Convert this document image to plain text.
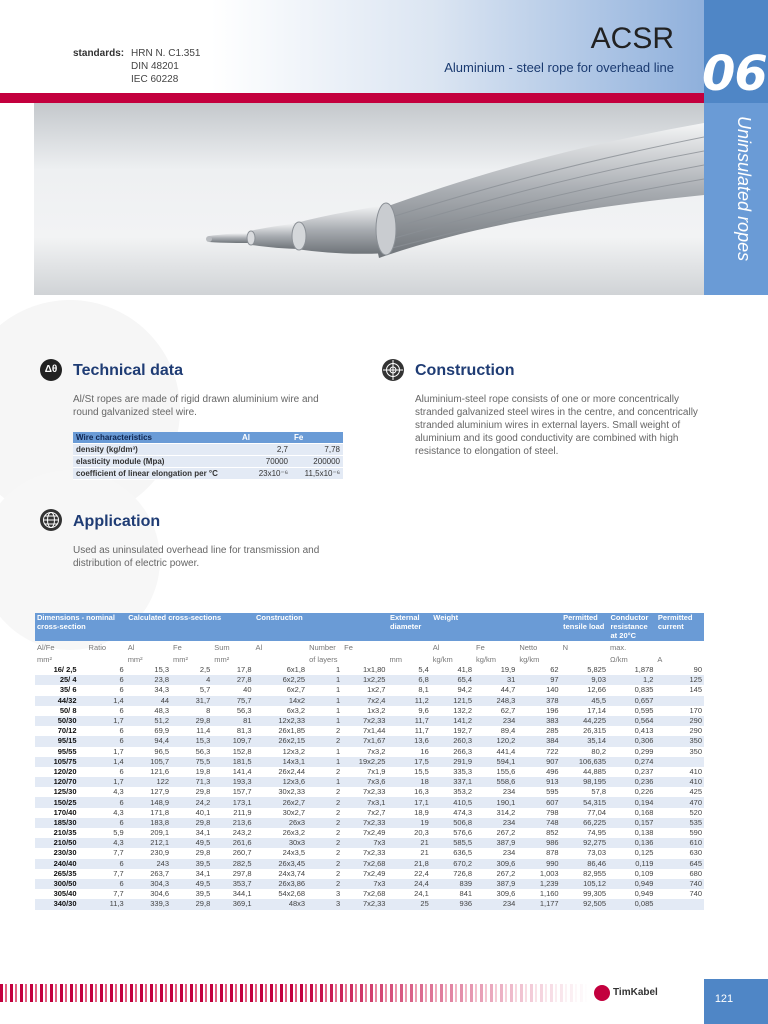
06
Uninsulated ropes
standards: HRN N. C1.351
DIN 48201
IEC 60228
ACSR
Aluminium - steel rope for overhead line
Δθ Technical data
Al/St ropes are made of rigid drawn aluminium wire and round galvanized steel wire.
Wire characteristics	Al	Fe
density (kg/dm³)	2,7	7,78
elasticity module (Mpa)	70000	200000
coefficient of linear elongation per °C	23x10⁻⁶	11,5x10⁻⁶
Construction
Aluminium-steel rope consists of one or more concentrically stranded galvanized steel wires in the centre, and concentrically stranded aluminium wires in external layers. Small weight of aluminium and its good conductivity are combined with high resistance to elongation of steel.
Application
Used as uninsulated overhead line for transmission and distribution of electric power.
Dimensions - nominal cross-section		Calculated cross-sections			Construction			External diameter	Weight			Permitted tensile load	Conductor resistance at 20°C	Permitted current
Al/Fe	Ratio	Al	Fe	Sum	Al	Number	Fe		Al	Fe	Netto	N	max.	
mm²		mm²	mm²	mm²		of layers		mm	kg/km	kg/km	kg/km		Ω/km	A
16/ 2,5	6	15,3	2,5	17,8	6x1,8	1	1x1,80	5,4	41,8	19,9	62	5,825	1,878	90
25/ 4	6	23,8	4	27,8	6x2,25	1	1x2,25	6,8	65,4	31	97	9,03	1,2	125
35/ 6	6	34,3	5,7	40	6x2,7	1	1x2,7	8,1	94,2	44,7	140	12,66	0,835	145
44/32	1,4	44	31,7	75,7	14x2	1	7x2,4	11,2	121,5	248,3	378	45,5	0,657	
50/ 8	6	48,3	8	56,3	6x3,2	1	1x3,2	9,6	132,2	62,7	196	17,14	0,595	170
50/30	1,7	51,2	29,8	81	12x2,33	1	7x2,33	11,7	141,2	234	383	44,225	0,564	290
70/12	6	69,9	11,4	81,3	26x1,85	2	7x1,44	11,7	192,7	89,4	285	26,315	0,413	290
95/15	6	94,4	15,3	109,7	26x2,15	2	7x1,67	13,6	260,3	120,2	384	35,14	0,306	350
95/55	1,7	96,5	56,3	152,8	12x3,2	1	7x3,2	16	266,3	441,4	722	80,2	0,299	350
105/75	1,4	105,7	75,5	181,5	14x3,1	1	19x2,25	17,5	291,9	594,1	907	106,635	0,274	
120/20	6	121,6	19,8	141,4	26x2,44	2	7x1,9	15,5	335,3	155,6	496	44,885	0,237	410
120/70	1,7	122	71,3	193,3	12x3,6	1	7x3,6	18	337,1	558,6	913	98,195	0,236	410
125/30	4,3	127,9	29,8	157,7	30x2,33	2	7x2,33	16,3	353,2	234	595	57,8	0,226	425
150/25	6	148,9	24,2	173,1	26x2,7	2	7x3,1	17,1	410,5	190,1	607	54,315	0,194	470
170/40	4,3	171,8	40,1	211,9	30x2,7	2	7x2,7	18,9	474,3	314,2	798	77,04	0,168	520
185/30	6	183,8	29,8	213,6	26x3	2	7x2,33	19	506,8	234	748	66,225	0,157	535
210/35	5,9	209,1	34,1	243,2	26x3,2	2	7x2,49	20,3	576,6	267,2	852	74,95	0,138	590
210/50	4,3	212,1	49,5	261,6	30x3	2	7x3	21	585,5	387,9	986	92,275	0,136	610
230/30	7,7	230,9	29,8	260,7	24x3,5	2	7x2,33	21	636,5	234	878	73,03	0,125	630
240/40	6	243	39,5	282,5	26x3,45	2	7x2,68	21,8	670,2	309,6	990	86,46	0,119	645
265/35	7,7	263,7	34,1	297,8	24x3,74	2	7x2,49	22,4	726,8	267,2	1,003	82,955	0,109	680
300/50	6	304,3	49,5	353,7	26x3,86	2	7x3	24,4	839	387,9	1,239	105,12	0,949	740
305/40	7,7	304,6	39,5	344,1	54x2,68	3	7x2,68	24,1	841	309,6	1,160	99,305	0,949	740
340/30	11,3	339,3	29,8	369,1	48x3	3	7x2,33	25	936	234	1,177	92,505	0,085	
TimKabel
121
